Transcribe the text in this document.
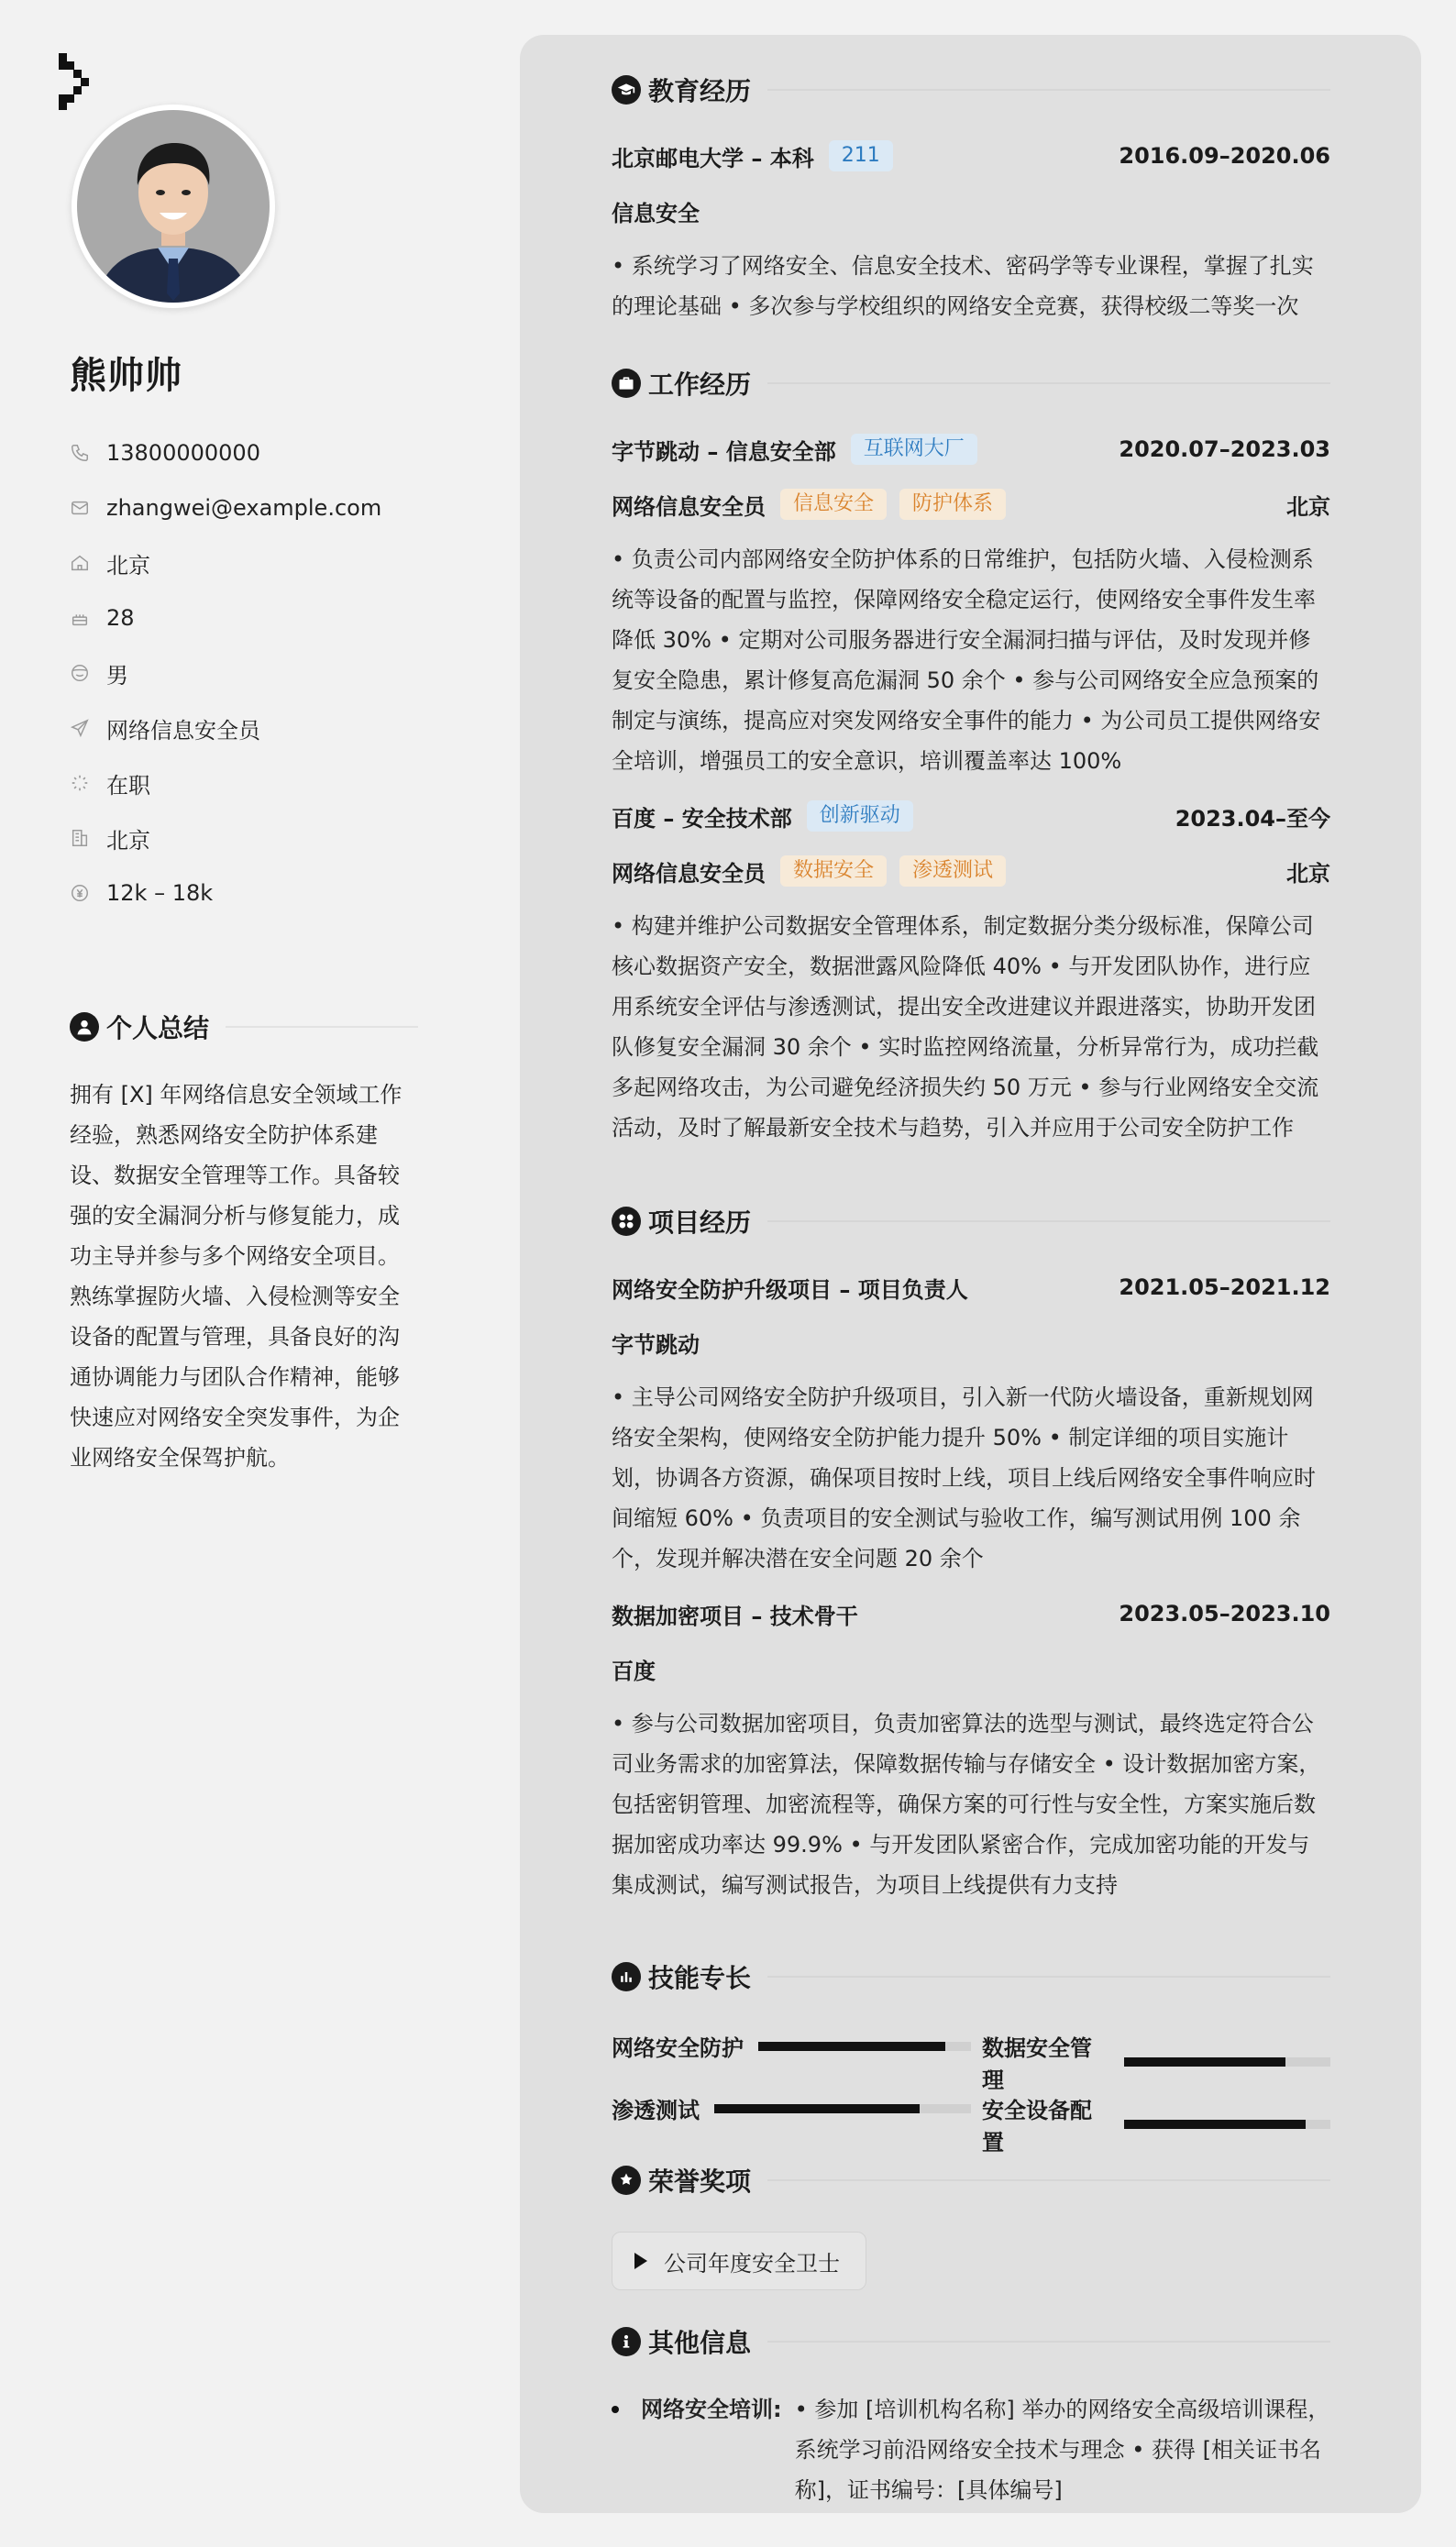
熊帅帅
13800000000
zhangwei@example.com
北京
28
男
网络信息安全员
在职
北京
12k – 18k
个人总结
拥有 [X] 年网络信息安全领域工作经验，熟悉网络安全防护体系建设、数据安全管理等工作。具备较强的安全漏洞分析与修复能力，成功主导并参与多个网络安全项目。熟练掌握防火墙、入侵检测等安全设备的配置与管理，具备良好的沟通协调能力与团队合作精神，能够快速应对网络安全突发事件，为企业网络安全保驾护航。
教育经历
北京邮电大学 – 本科	211	2016.09–2020.06
信息安全
• 系统学习了网络安全、信息安全技术、密码学等专业课程，掌握了扎实的理论基础 • 多次参与学校组织的网络安全竞赛，获得校级二等奖一次
工作经历
字节跳动 – 信息安全部	互联网大厂	2020.07–2023.03
网络信息安全员	信息安全	防护体系	北京
• 负责公司内部网络安全防护体系的日常维护，包括防火墙、入侵检测系统等设备的配置与监控，保障网络安全稳定运行，使网络安全事件发生率降低 30% • 定期对公司服务器进行安全漏洞扫描与评估，及时发现并修复安全隐患，累计修复高危漏洞 50 余个 • 参与公司网络安全应急预案的制定与演练，提高应对突发网络安全事件的能力 • 为公司员工提供网络安全培训，增强员工的安全意识，培训覆盖率达 100%
百度 – 安全技术部	创新驱动	2023.04–至今
网络信息安全员	数据安全	渗透测试	北京
• 构建并维护公司数据安全管理体系，制定数据分类分级标准，保障公司核心数据资产安全，数据泄露风险降低 40% • 与开发团队协作，进行应用系统安全评估与渗透测试，提出安全改进建议并跟进落实，协助开发团队修复安全漏洞 30 余个 • 实时监控网络流量，分析异常行为，成功拦截多起网络攻击，为公司避免经济损失约 50 万元 • 参与行业网络安全交流活动，及时了解最新安全技术与趋势，引入并应用于公司安全防护工作
项目经历
网络安全防护升级项目 – 项目负责人	2021.05–2021.12
字节跳动
• 主导公司网络安全防护升级项目，引入新一代防火墙设备，重新规划网络安全架构，使网络安全防护能力提升 50% • 制定详细的项目实施计划，协调各方资源，确保项目按时上线，项目上线后网络安全事件响应时间缩短 60% • 负责项目的安全测试与验收工作，编写测试用例 100 余个，发现并解决潜在安全问题 20 余个
数据加密项目 – 技术骨干	2023.05–2023.10
百度
• 参与公司数据加密项目，负责加密算法的选型与测试，最终选定符合公司业务需求的加密算法，保障数据传输与存储安全 • 设计数据加密方案，包括密钥管理、加密流程等，确保方案的可行性与安全性，方案实施后数据加密成功率达 99.9% • 与开发团队紧密合作，完成加密功能的开发与集成测试，编写测试报告，为项目上线提供有力支持
技能专长
网络安全防护	数据安全管理
渗透测试	安全设备配置
荣誉奖项
公司年度安全卫士
其他信息
网络安全培训: • 参加 [培训机构名称] 举办的网络安全高级培训课程，系统学习前沿网络安全技术与理念 • 获得 [相关证书名称]，证书编号：[具体编号]
